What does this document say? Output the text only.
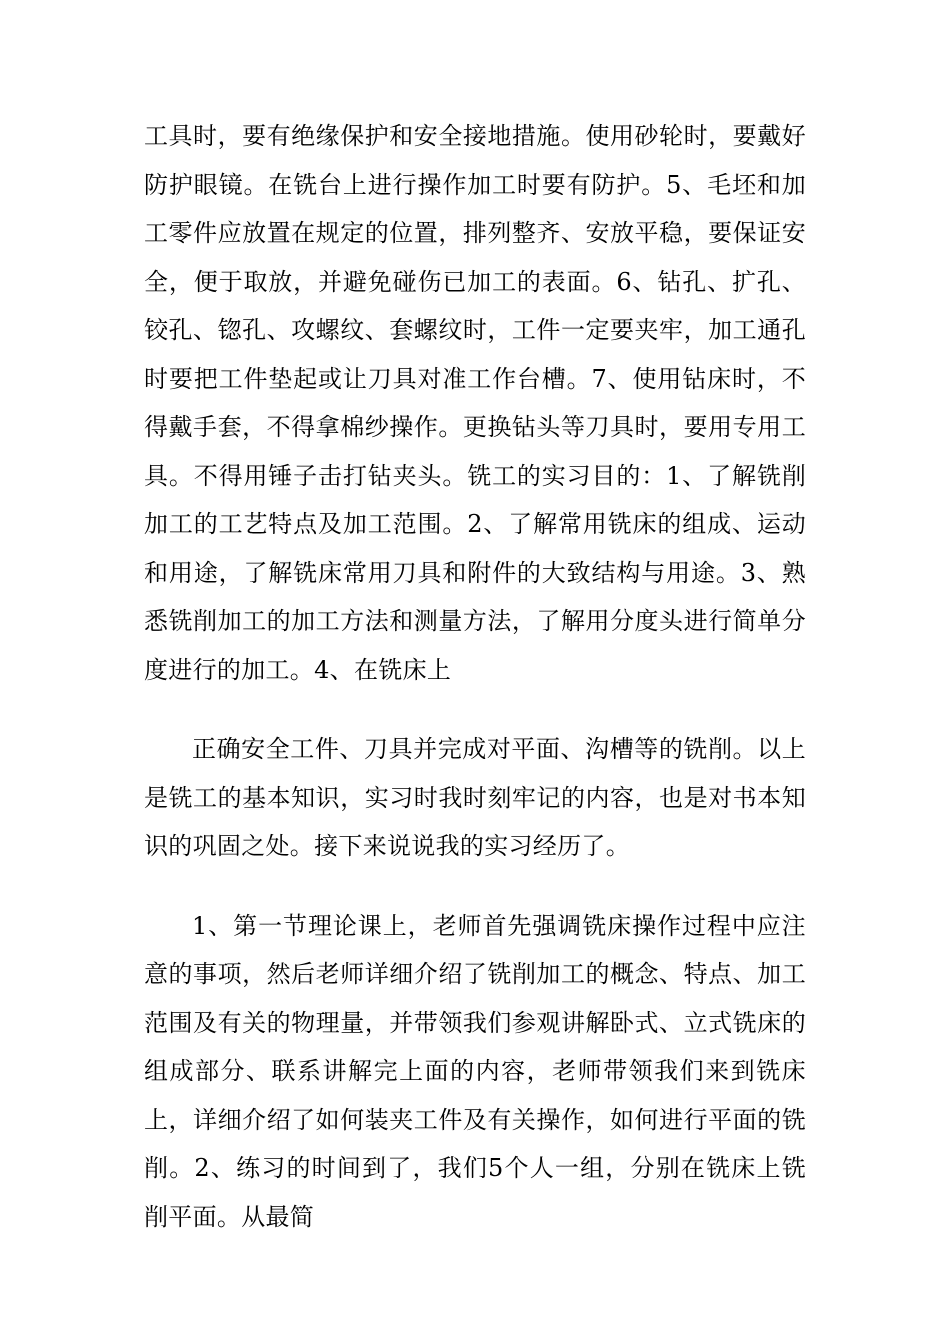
工具时，要有绝缘保护和安全接地措施。使用砂轮时，要戴好防护眼镜。在铣台上进行操作加工时要有防护。5、毛坯和加工零件应放置在规定的位置，排列整齐、安放平稳，要保证安全，便于取放，并避免碰伤已加工的表面。6、钻孔、扩孔、铰孔、锪孔、攻螺纹、套螺纹时，工件一定要夹牢，加工通孔时要把工件垫起或让刀具对准工作台槽。7、使用钻床时，不得戴手套，不得拿棉纱操作。更换钻头等刀具时，要用专用工具。不得用锤子击打钻夹头。铣工的实习目的：1、了解铣削加工的工艺特点及加工范围。2、了解常用铣床的组成、运动和用途，了解铣床常用刀具和附件的大致结构与用途。3、熟悉铣削加工的加工方法和测量方法，了解用分度头进行简单分度进行的加工。4、在铣床上

正确安全工件、刀具并完成对平面、沟槽等的铣削。以上是铣工的基本知识，实习时我时刻牢记的内容，也是对书本知识的巩固之处。接下来说说我的实习经历了。

1、第一节理论课上，老师首先强调铣床操作过程中应注意的事项，然后老师详细介绍了铣削加工的概念、特点、加工范围及有关的物理量，并带领我们参观讲解卧式、立式铣床的组成部分、联系讲解完上面的内容，老师带领我们来到铣床上，详细介绍了如何装夹工件及有关操作，如何进行平面的铣削。2、练习的时间到了，我们5个人一组，分别在铣床上铣削平面。从最简
